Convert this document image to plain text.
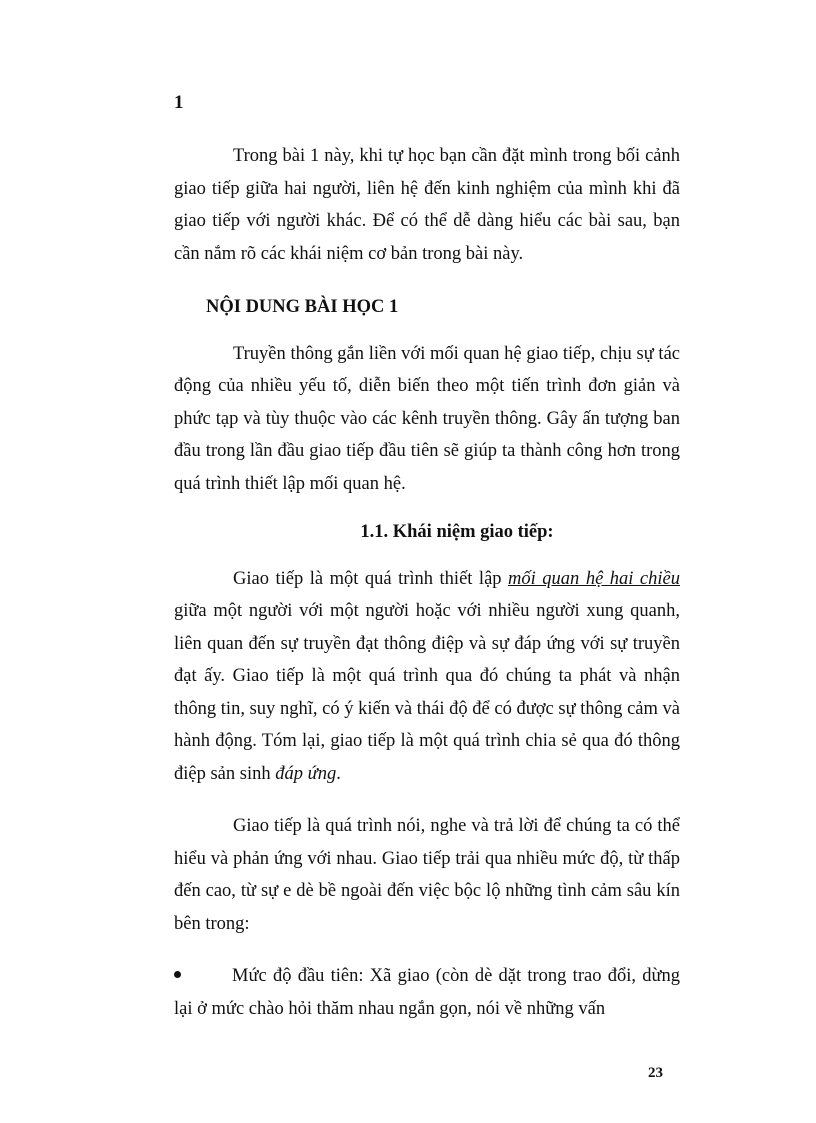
1

Trong bài 1 này, khi tự học bạn cần đặt mình trong bối cảnh giao tiếp giữa hai người, liên hệ đến kinh nghiệm của mình khi đã giao tiếp với người khác. Để có thể dễ dàng hiểu các bài sau, bạn cần nắm rõ các khái niệm cơ bản trong bài này.

NỘI DUNG BÀI HỌC 1

Truyền thông gắn liền với mối quan hệ giao tiếp, chịu sự tác động của nhiều yếu tố, diễn biến theo một tiến trình đơn giản và phức tạp và tùy thuộc vào các kênh truyền thông. Gây ấn tượng ban đầu trong lần đầu giao tiếp đầu tiên sẽ giúp ta thành công hơn trong quá trình thiết lập mối quan hệ.

1.1. Khái niệm giao tiếp:

Giao tiếp là một quá trình thiết lập mối quan hệ hai chiều giữa một người với một người hoặc với nhiều người xung quanh, liên quan đến sự truyền đạt thông điệp và sự đáp ứng với sự truyền đạt ấy. Giao tiếp là một quá trình qua đó chúng ta phát và nhận thông tin, suy nghĩ, có ý kiến và thái độ để có được sự thông cảm và hành động. Tóm lại, giao tiếp là một quá trình chia sẻ qua đó thông điệp sản sinh đáp ứng.

Giao tiếp là quá trình nói, nghe và trả lời để chúng ta có thể hiểu và phản ứng với nhau. Giao tiếp trải qua nhiều mức độ, từ thấp đến cao, từ sự e dè bề ngoài đến việc bộc lộ những tình cảm sâu kín bên trong:

Mức độ đầu tiên: Xã giao (còn dè dặt trong trao đổi, dừng lại ở mức chào hỏi thăm nhau ngắn gọn, nói về những vấn

23
